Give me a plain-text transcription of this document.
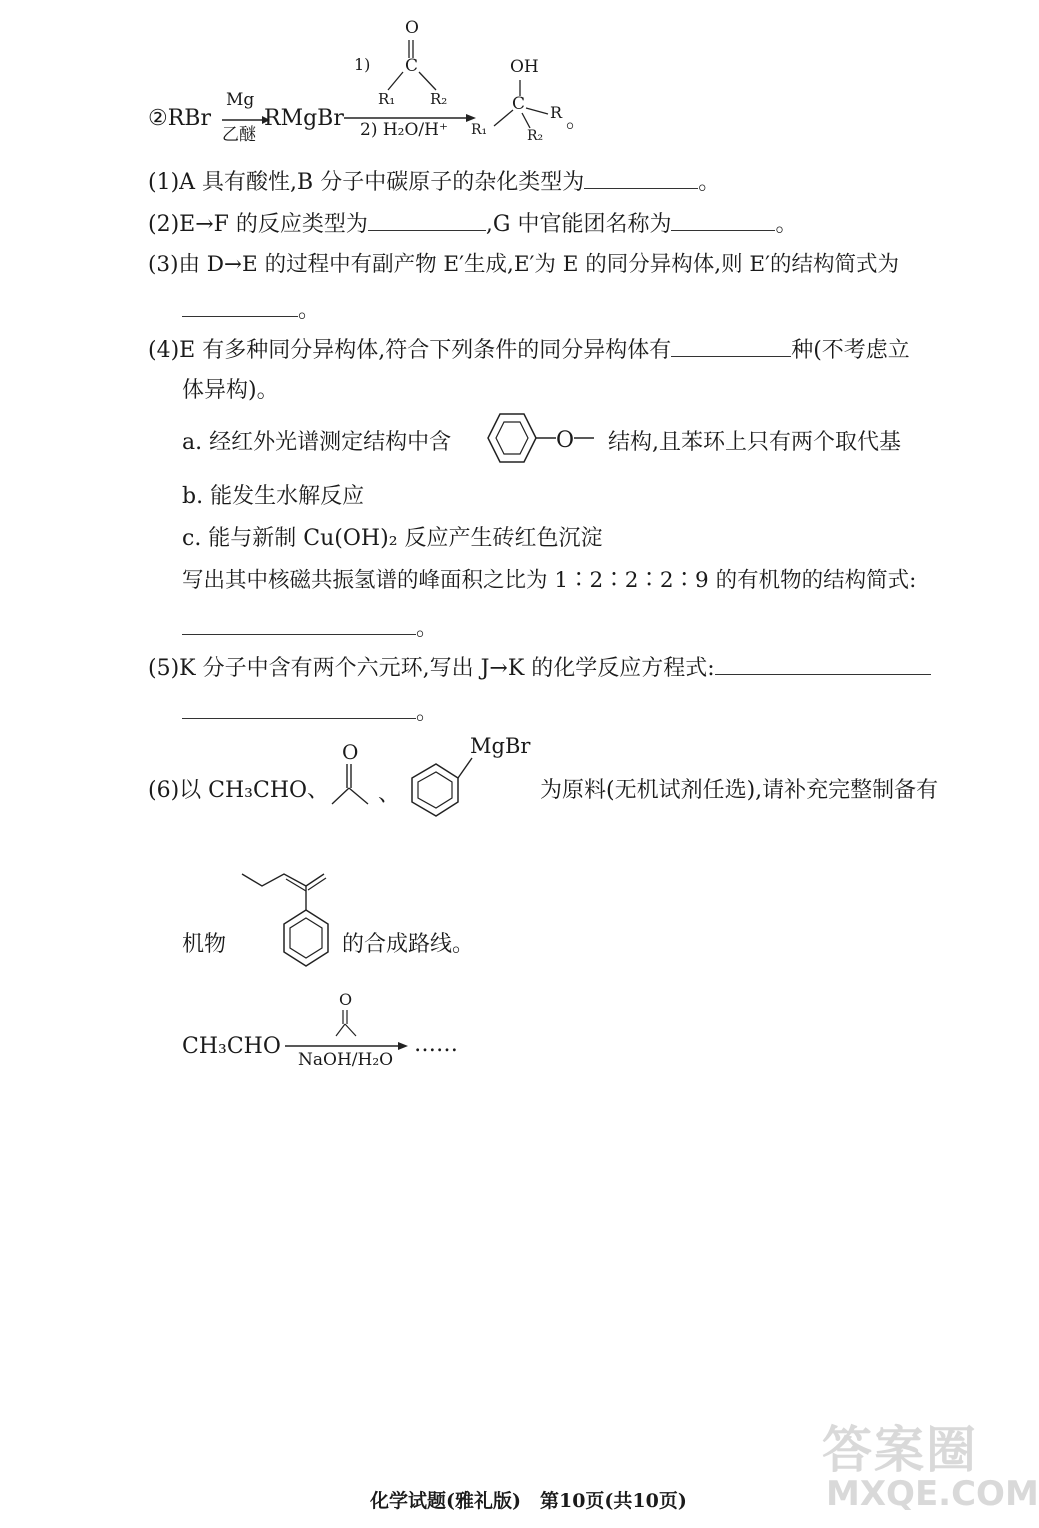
②RBr
Mg
乙醚
RMgBr
1)
2) H₂O/H⁺
O
C
R₁ R₂
OH
C R
R₁	R₂
。
(1)A 具有酸性,B 分子中碳原子的杂化类型为	。
(2)E→F 的反应类型为	,G 中官能团名称为	。
(3)由 D→E 的过程中有副产物 E′生成,E′为 E 的同分异构体,则 E′的结构简式为
。
(4)E 有多种同分异构体,符合下列条件的同分异构体有	种(不考虑立
体异构)。
a. 经红外光谱测定结构中含	O 结构,且苯环上只有两个取代基
b. 能发生水解反应
c. 能与新制 Cu(OH)₂ 反应产生砖红色沉淀
写出其中核磁共振氢谱的峰面积之比为 1∶2∶2∶2∶9 的有机物的结构简式:
。
(5)K 分子中含有两个六元环,写出 J→K 的化学反应方程式:
。
(6)以 CH₃CHO、
O
、
MgBr
为原料(无机试剂任选),请补充完整制备有
机物	的合成路线。
CH₃CHO
O
NaOH/H₂O
……
化学试题(雅礼版)　第10页(共10页)
答案圈
MXQE.COM
